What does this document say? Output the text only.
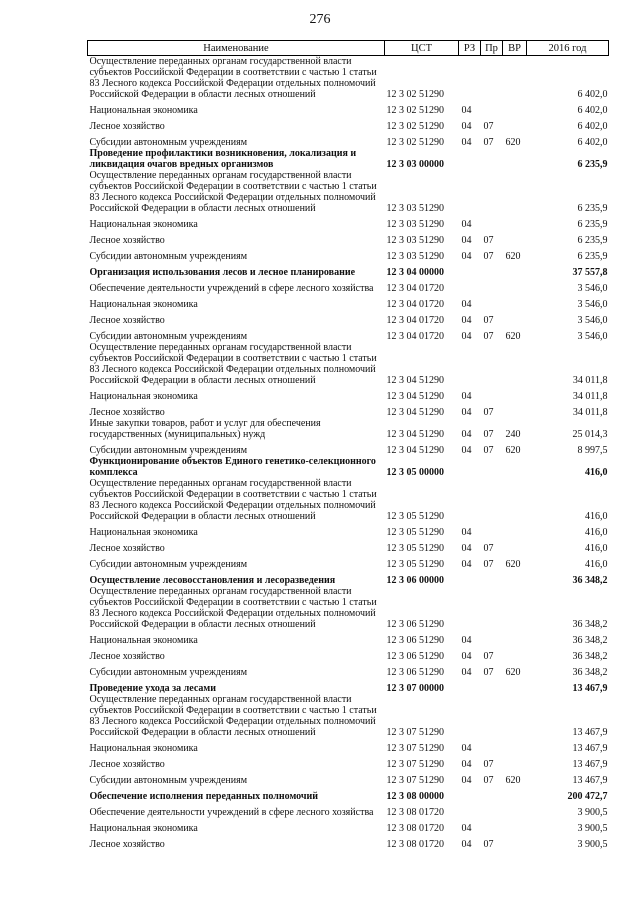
276
Наименование	ЦСТ	РЗ	Пр	ВР	2016 год
Осуществление переданных органам государственной власти субъектов Российской Федерации в соответствии с частью 1 статьи 83 Лесного кодекса Российской Федерации отдельных полномочий Российской Федерации в области лесных отношений	12 3 02 51290				6 402,0
Национальная экономика	12 3 02 51290	04			6 402,0
Лесное хозяйство	12 3 02 51290	04	07		6 402,0
Субсидии автономным учреждениям	12 3 02 51290	04	07	620	6 402,0
Проведение профилактики возникновения, локализация и ликвидация очагов вредных организмов	12 3 03 00000				6 235,9
Осуществление переданных органам государственной власти субъектов Российской Федерации в соответствии с частью 1 статьи 83 Лесного кодекса Российской Федерации отдельных полномочий Российской Федерации в области лесных отношений	12 3 03 51290				6 235,9
Национальная экономика	12 3 03 51290	04			6 235,9
Лесное хозяйство	12 3 03 51290	04	07		6 235,9
Субсидии автономным учреждениям	12 3 03 51290	04	07	620	6 235,9
Организация использования лесов и лесное планирование	12 3 04 00000				37 557,8
Обеспечение деятельности учреждений в сфере лесного хозяйства	12 3 04 01720				3 546,0
Национальная экономика	12 3 04 01720	04			3 546,0
Лесное хозяйство	12 3 04 01720	04	07		3 546,0
Субсидии автономным учреждениям	12 3 04 01720	04	07	620	3 546,0
Осуществление переданных органам государственной власти субъектов Российской Федерации в соответствии с частью 1 статьи 83 Лесного кодекса Российской Федерации отдельных полномочий Российской Федерации в области лесных отношений	12 3 04 51290				34 011,8
Национальная экономика	12 3 04 51290	04			34 011,8
Лесное хозяйство	12 3 04 51290	04	07		34 011,8
Иные закупки товаров, работ и услуг для обеспечения государственных (муниципальных) нужд	12 3 04 51290	04	07	240	25 014,3
Субсидии автономным учреждениям	12 3 04 51290	04	07	620	8 997,5
Функционирование объектов Единого генетико-селекционного комплекса	12 3 05 00000				416,0
Осуществление переданных органам государственной власти субъектов Российской Федерации в соответствии с частью 1 статьи 83 Лесного кодекса Российской Федерации отдельных полномочий Российской Федерации в области лесных отношений	12 3 05 51290				416,0
Национальная экономика	12 3 05 51290	04			416,0
Лесное хозяйство	12 3 05 51290	04	07		416,0
Субсидии автономным учреждениям	12 3 05 51290	04	07	620	416,0
Осуществление лесовосстановления и лесоразведения	12 3 06 00000				36 348,2
Осуществление переданных органам государственной власти субъектов Российской Федерации в соответствии с частью 1 статьи 83 Лесного кодекса Российской Федерации отдельных полномочий Российской Федерации в области лесных отношений	12 3 06 51290				36 348,2
Национальная экономика	12 3 06 51290	04			36 348,2
Лесное хозяйство	12 3 06 51290	04	07		36 348,2
Субсидии автономным учреждениям	12 3 06 51290	04	07	620	36 348,2
Проведение ухода за лесами	12 3 07 00000				13 467,9
Осуществление переданных органам государственной власти субъектов Российской Федерации в соответствии с частью 1 статьи 83 Лесного кодекса Российской Федерации отдельных полномочий Российской Федерации в области лесных отношений	12 3 07 51290				13 467,9
Национальная экономика	12 3 07 51290	04			13 467,9
Лесное хозяйство	12 3 07 51290	04	07		13 467,9
Субсидии автономным учреждениям	12 3 07 51290	04	07	620	13 467,9
Обеспечение исполнения переданных полномочий	12 3 08 00000				200 472,7
Обеспечение деятельности учреждений в сфере лесного хозяйства	12 3 08 01720				3 900,5
Национальная экономика	12 3 08 01720	04			3 900,5
Лесное хозяйство	12 3 08 01720	04	07		3 900,5
